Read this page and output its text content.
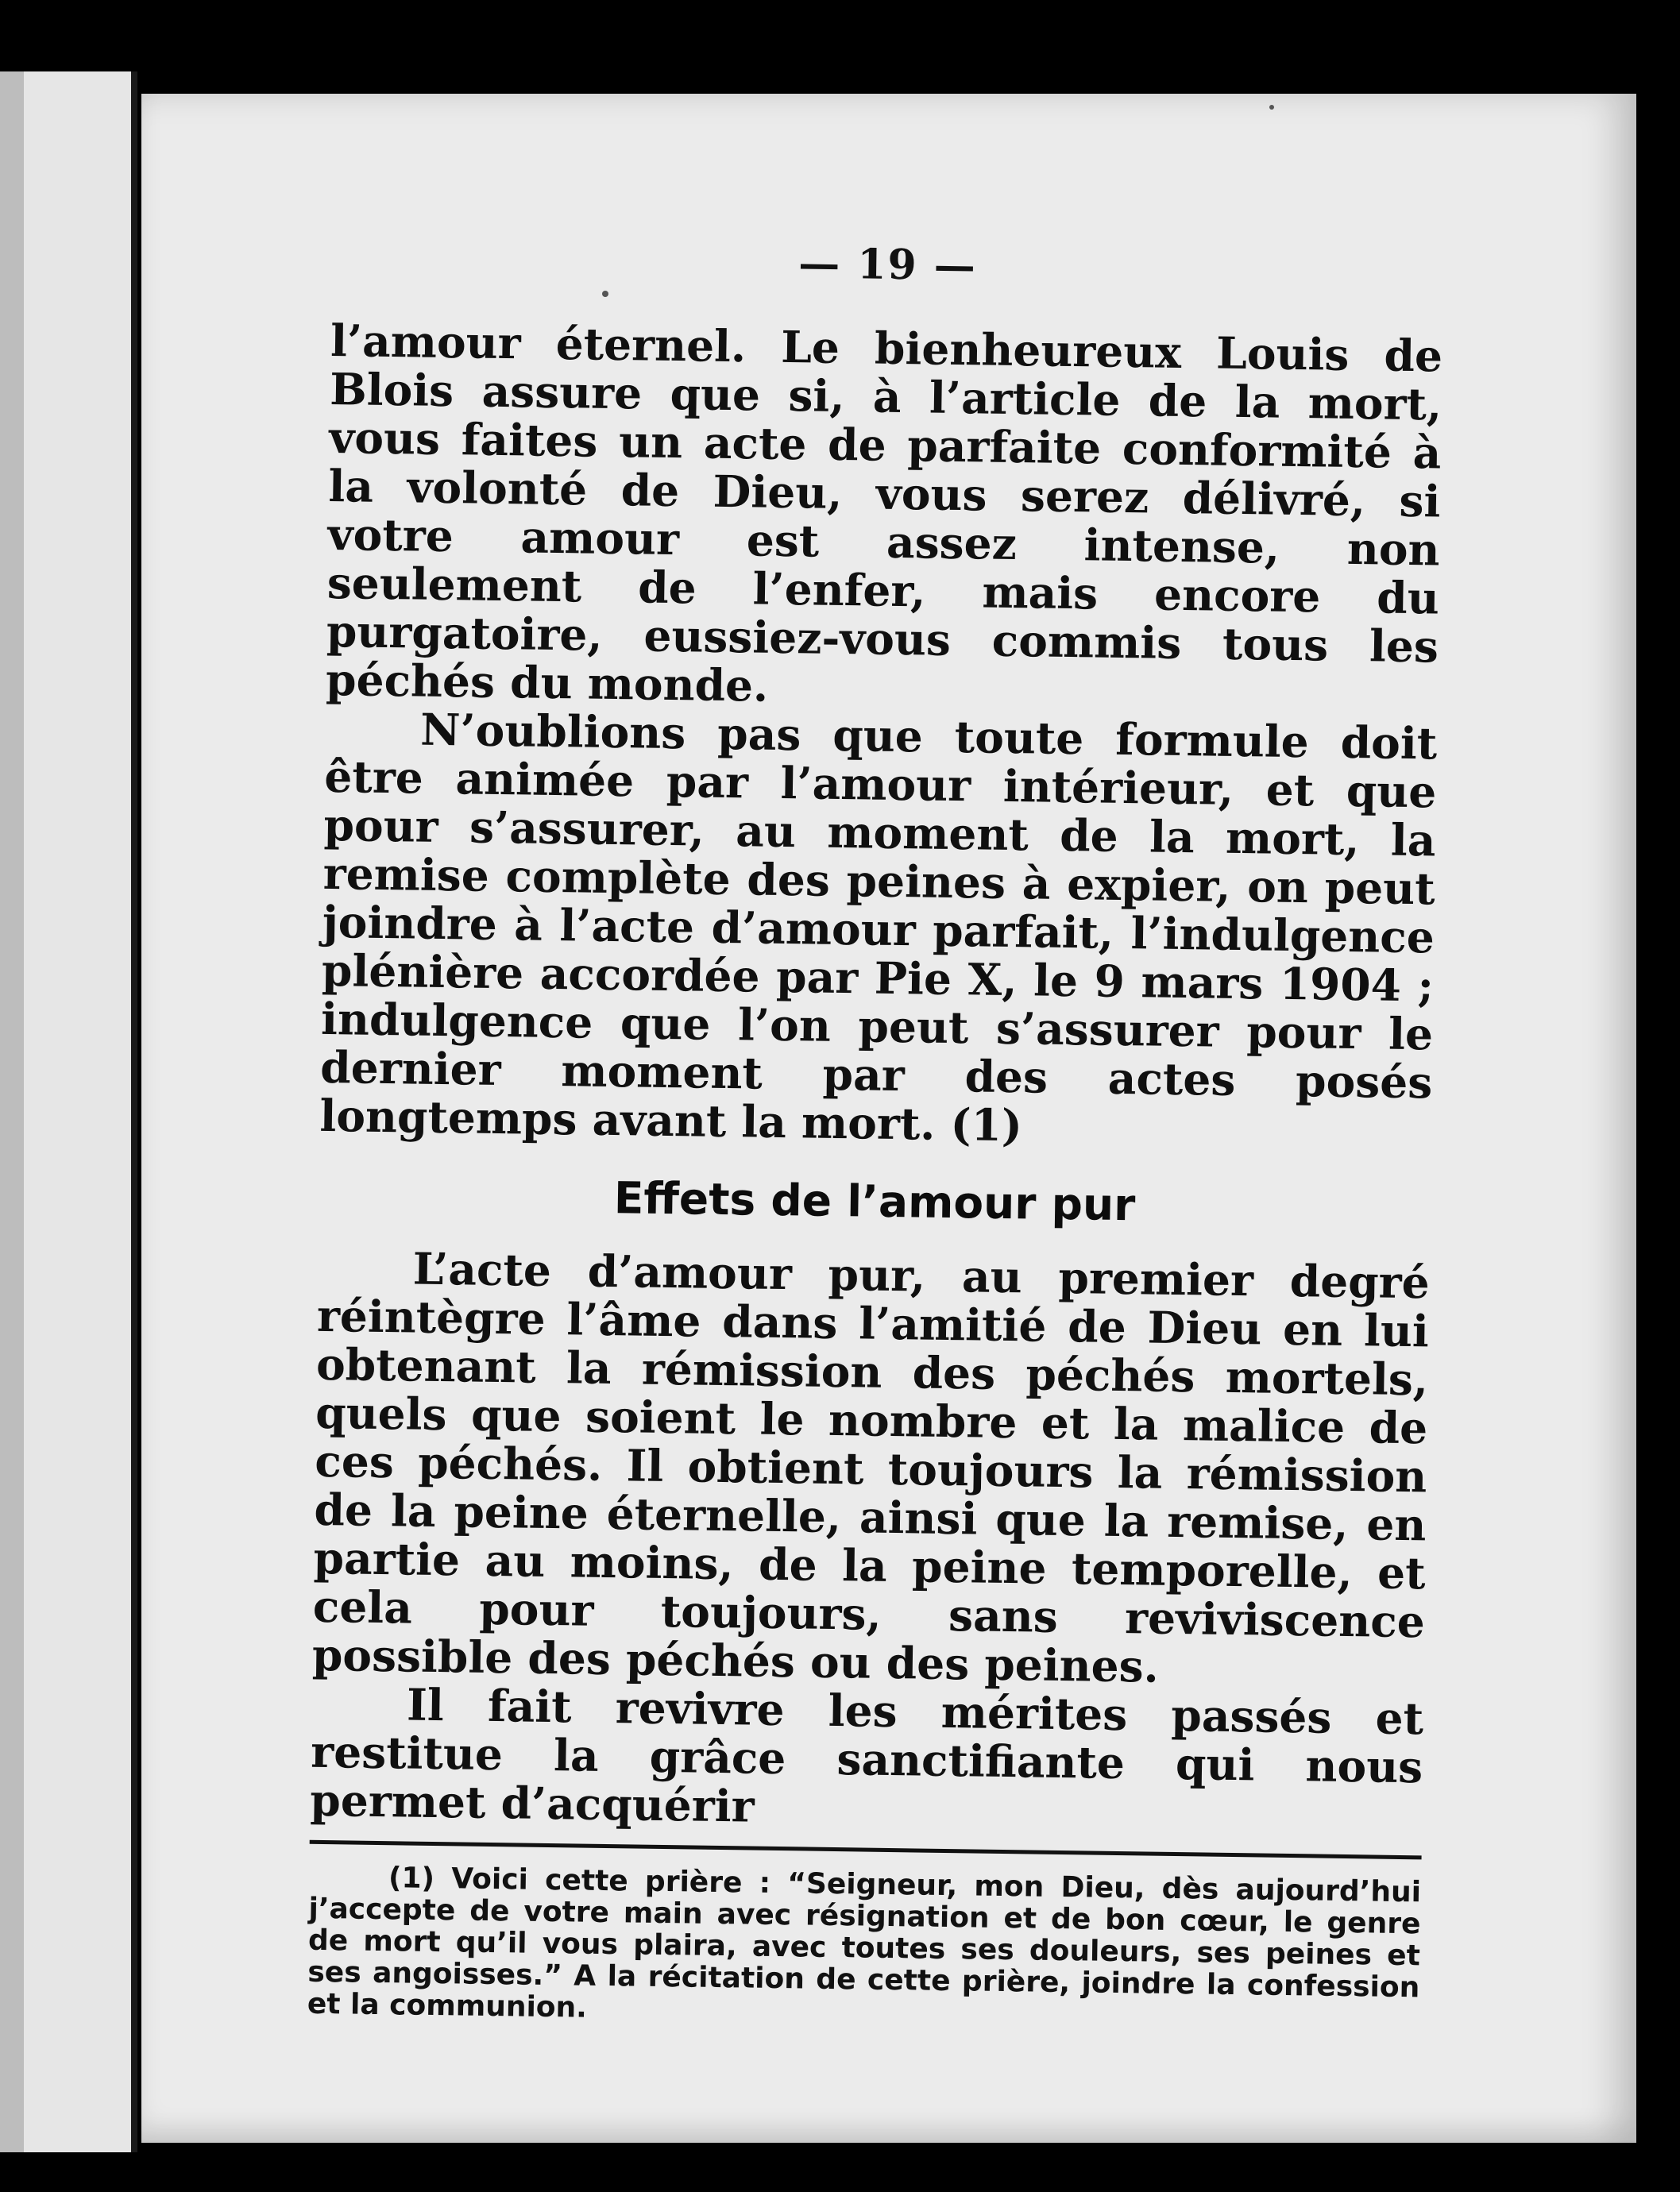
— 19 —

l’amour éternel. Le bienheureux Louis de Blois assure que si, à l’article de la mort, vous faites un acte de parfaite conformité à la volonté de Dieu, vous serez délivré, si votre amour est assez intense, non seulement de l’enfer, mais encore du purgatoire, eussiez-vous commis tous les péchés du monde.

N’oublions pas que toute formule doit être animée par l’amour intérieur, et que pour s’assurer, au moment de la mort, la remise complète des peines à expier, on peut joindre à l’acte d’amour parfait, l’indulgence plénière accordée par Pie X, le 9 mars 1904 ; indulgence que l’on peut s’assurer pour le dernier moment par des actes posés longtemps avant la mort. (1)

Effets de l’amour pur

L’acte d’amour pur, au premier degré réintègre l’âme dans l’amitié de Dieu en lui obtenant la rémission des péchés mortels, quels que soient le nombre et la malice de ces péchés. Il obtient toujours la rémission de la peine éternelle, ainsi que la remise, en partie au moins, de la peine temporelle, et cela pour toujours, sans reviviscence possible des péchés ou des peines.

Il fait revivre les mérites passés et restitue la grâce sanctifiante qui nous permet d’acquérir

(1) Voici cette prière : “Seigneur, mon Dieu, dès aujourd’hui j’accepte de votre main avec résignation et de bon cœur, le genre de mort qu’il vous plaira, avec toutes ses douleurs, ses peines et ses angoisses.” A la récitation de cette prière, joindre la confession et la communion.
